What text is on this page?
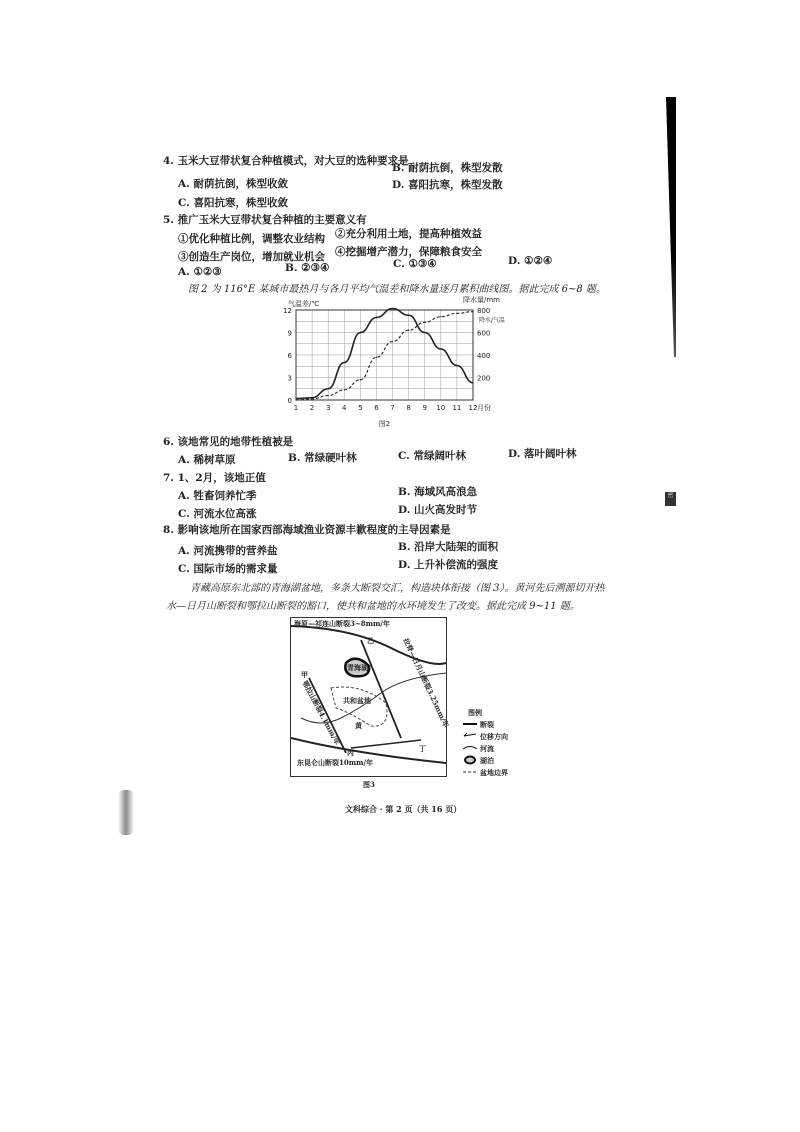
密
4. 玉米大豆带状复合种植模式，对大豆的选种要求是
B. 耐荫抗倒，株型发散
A. 耐荫抗倒，株型收敛	D. 喜阳抗寒，株型发散
C. 喜阳抗寒，株型收敛
5. 推广玉米大豆带状复合种植的主要意义有
①优化种植比例，调整农业结构 ②充分利用土地，提高种植效益
③创造生产岗位，增加就业机会 ④挖掘增产潜力，保障粮食安全
A. ①②③	B. ②③④	C. ①③④	D. ①②④
图 2 为 116°E 某城市最热月与各月平均气温差和降水量逐月累积曲线图。据此完成 6~8 题。
1 2 3 4 5 6 7 8 9 10 11 12
0
3
6
9
12
200
400
600
800
气温差/℃	降水量/mm
月份
降水/气温
图2
6. 该地常见的地带性植被是
A. 稀树草原	B. 常绿硬叶林	C. 常绿阔叶林	D. 落叶阔叶林
7. 1、2月，该地正值
A. 牲畜饲养忙季	B. 海域风高浪急
C. 河流水位高涨	D. 山火高发时节
8. 影响该地所在国家西部海域渔业资源丰歉程度的主导因素是
A. 河流携带的营养盐	B. 沿岸大陆架的面积
C. 国际市场的需求量	D. 上升补偿流的强度
青藏高原东北部的青海湖盆地，多条大断裂交汇，构造块体衔接（图 3）。黄河先后溯源切开热
水—日月山断裂和鄂拉山断裂的豁口，使共和盆地的水环境发生了改变。据此完成 9~11 题。
海原—祁连山断裂3~8mm/年
拉脊—日月山断裂3.25mm/年
鄂拉山断裂4.1mm/年
东昆仑山断裂10mm/年
青海湖
共和盆地
黄
甲
乙
丙	丁
图例
断裂
位移方向
河流
湖泊
盆地边界
图3
文科综合 · 第 2 页（共 16 页）
